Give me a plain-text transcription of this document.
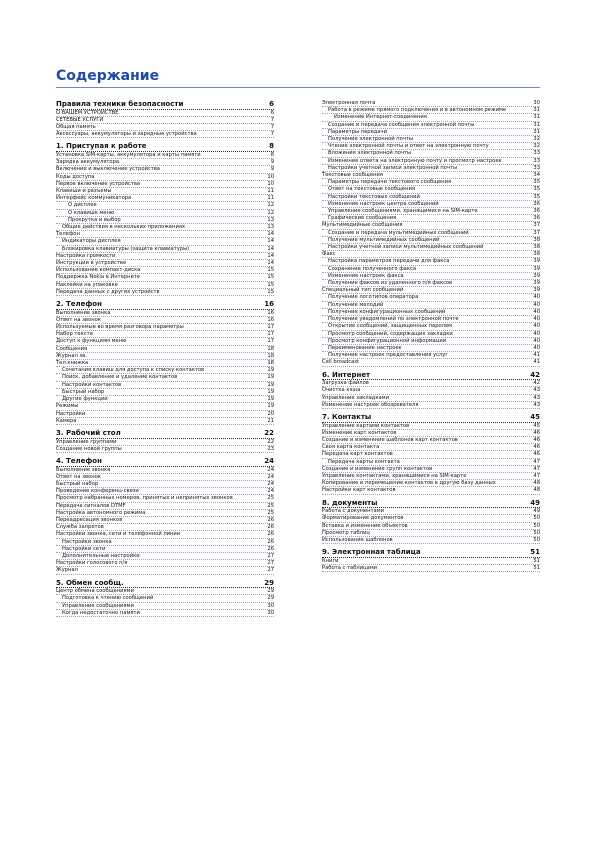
Содержание
Правила техники безопасности	6
О ВАШЕМ УСТРОЙСТВЕ	6
СЕТЕВЫЕ УСЛУГИ	7
Общая память	7
Аксессуары, аккумуляторы и зарядные устройства	7
1. Приступая к работе	8
Установка SIM-карты, аккумулятора и карты памяти	8
Зарядка аккумулятора	9
Включение и выключение устройства	9
Коды доступа	10
Первое включение устройства	10
Клавиши и разъемы	11
Интерфейс коммуникатора	11
О дисплее	12
О клавише меню	12
Прокрутка и выбор	13
Общие действия в нескольких приложениях	13
Телефон	14
Индикаторы дисплея	14
Блокировка клавиатуры (защита клавиатуры)	14
Настройка громкости	14
Инструкции в устройстве	14
Использование компакт-диска	15
Поддержка Nokia в Интернете	15
Наклейки на упаковке	15
Передача данных с других устройств	15
2. Телефон	16
Выполнение звонка	16
Ответ на звонок	16
Используемые во время разговора параметры	17
Набор текста	17
Доступ к функциям меню	17
Сообщения	18
Журнал зв.	18
Тел.книжка	18
Сочетания клавиш для доступа к списку контактов	19
Поиск, добавление и удаление контактов	19
Настройки контактов	19
Быстрый набор	19
Другие функции	19
Режимы	19
Настройки	20
Камера	21
3. Рабочий стол	22
Управление группами	22
Создание новой группы	23
4. Телефон	24
Выполнение звонка	24
Ответ на звонок	24
Быстрый набор	24
Проведение конференц-связи	24
Просмотр набранных номеров, принятых и непринятых звонков	25
Передача сигналов DTMF	25
Настройка автономного режима	25
Переадресация звонков	26
Служба запретов	26
Настройки звонка, сети и телефонной линии	26
Настройки звонка	26
Настройки сети	26
Дополнительные настройки	27
Настройки голосового п/я	27
Журнал	27
5. Обмен сообщ.	29
Центр обмена сообщениями	29
Подготовка к чтению сообщений	29
Управление сообщениями	30
Когда недостаточно памяти	30
Электронная почта	30
Работа в режиме прямого подключения и в автономном режиме	31
Изменение Интернет-соединения	31
Создание и передача сообщения электронной почты	31
Параметры передачи	31
Получение электронной почты	32
Чтение электронной почты и ответ на электронную почту	32
Вложения электронной почты	33
Изменение ответа на электронную почту и просмотр настроек	33
Настройки учетной записи электронной почты	33
Текстовые сообщения	34
Параметры передачи текстового сообщения	35
Ответ на текстовые сообщения	35
Настройки текстовых сообщений	35
Изменение настроек центра сообщений	36
Управление сообщениями, хранящимися на SIM-карте	36
Графические сообщения	36
Мультимедийные сообщения	37
Создание и передача мультимедийных сообщений	37
Получение мультимедийных сообщений	38
Настройки учетной записи мультимедийных сообщений	38
Факс	38
Настройка параметров передачи для факса	39
Сохранение полученного факса	39
Изменение настроек факса	39
Получение факсов из удаленного п/я факсов	39
Специальный тип сообщений	39
Получение логотипов оператора	40
Получение мелодий	40
Получение конфигурационных сообщений	40
Получение уведомлений по электронной почте	40
Открытие сообщений, защищенных паролем	40
Просмотр сообщений, содержащих закладки	40
Просмотр конфигурационной информации	40
Переименование настроек	40
Получение настроек предоставления услуг	41
Cell broadcast	41
6. Интернет	42
Загрузка файлов	42
Очистка кэша	43
Управление закладками	43
Изменение настроек обозревателя	43
7. Контакты	45
Управление картами контактов	45
Изменение карт контактов	46
Создание и изменение шаблонов карт контактов	46
Своя карта контакта	46
Передача карт контактов	46
Передача карты контакта	47
Создание и изменение групп контактов	47
Управление контактами, хранящимися на SIM-карте	47
Копирование и перемещение контактов в другую базу данных	48
Настройки карт контактов	48
8. документы	49
Работа с документами	49
Форматирование документов	50
Вставка и изменение объектов	50
Просмотр таблиц	50
Использование шаблонов	50
9. Электронная таблица	51
Книги	51
Работа с таблицами	51
